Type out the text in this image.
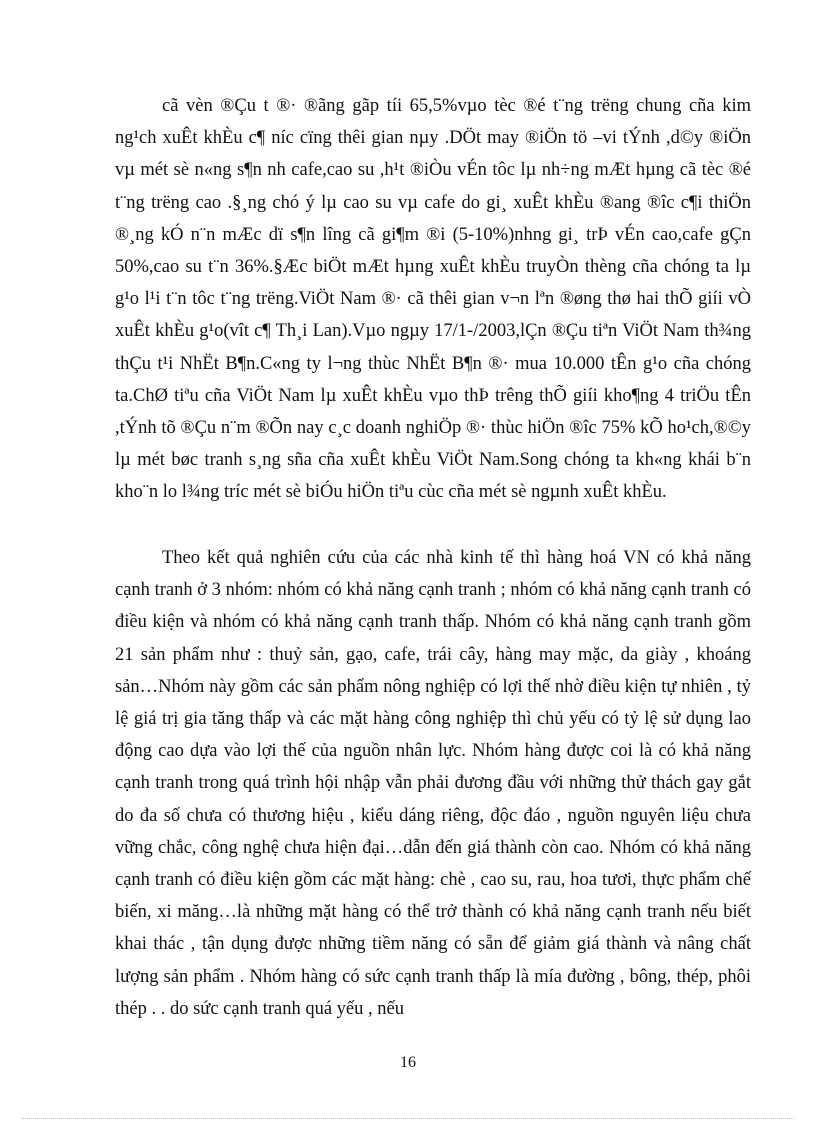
cã vèn ®Çu t ®· ®ãng gãp tíi 65,5%vµo tèc ®é t¨ng trëng chung cña kim ng¹ch xuÊt khÈu c¶ níc cïng thêi gian nµy .DÖt may ®iÖn tö –vi tÝnh ,d©y ®iÖn vµ mét sè n«ng s¶n nh cafe,cao su ,h¹t ®iÒu vÉn tôc lµ nh÷ng mÆt hµng cã tèc ®é t¨ng trëng cao .§¸ng chó ý lµ cao su vµ cafe do gi¸ xuÊt khÈu ®ang ®îc c¶i thiÖn ®¸ng kÓ n¨n mÆc dï s¶n lîng cã gi¶m ®i (5-10%)nhng gi¸ trÞ vÉn cao,cafe gÇn 50%,cao su t¨n 36%.§Æc biÖt mÆt hµng xuÊt khÈu truyÒn thèng cña chóng ta lµ g¹o l¹i t¨n tôc t¨ng trëng.ViÖt Nam ®· cã thêi gian v¬n lªn ®øng thø hai thÕ giíi vÒ xuÊt khÈu g¹o(vît c¶ Th¸i Lan).Vµo ngµy 17/1-/2003,lÇn ®Çu tiªn ViÖt Nam th¾ng thÇu t¹i NhËt B¶n.C«ng ty l¬ng thùc NhËt B¶n ®· mua 10.000 tÊn g¹o cña chóng ta.ChØ tiªu cña ViÖt Nam lµ xuÊt khÈu vµo thÞ trêng thÕ giíi kho¶ng 4 triÖu tÊn ,tÝnh tõ ®Çu n¨m ®Õn nay c¸c doanh nghiÖp ®· thùc hiÖn ®îc 75% kÕ ho¹ch,®©y lµ mét bøc tranh s¸ng sña cña xuÊt khÈu ViÖt Nam.Song chóng ta kh«ng khái b¨n kho¨n lo l¾ng tríc mét sè biÓu hiÖn tiªu cùc cña mét sè ngµnh xuÊt khÈu.

Theo kết quả nghiên cứu của các nhà kinh tế thì hàng hoá VN có khả năng cạnh tranh ở 3 nhóm: nhóm có khả năng cạnh tranh ; nhóm có khả năng cạnh tranh có điều kiện và nhóm có khả năng cạnh tranh thấp. Nhóm có khả năng cạnh tranh gồm 21 sản phẩm như : thuỷ sản, gạo, cafe, trái cây, hàng may mặc, da giày , khoáng sản…Nhóm này gồm các sản phẩm nông nghiệp có lợi thế nhờ điều kiện tự nhiên , tỷ lệ giá trị gia tăng thấp và các mặt hàng công nghiệp thì chủ yếu có tỷ lệ sử dụng lao động cao dựa vào lợi thế của nguồn nhân lực. Nhóm hàng được coi là có khả năng cạnh tranh trong quá trình hội nhập vẫn phải đương đầu với những thử thách gay gắt do đa số chưa có thương hiệu , kiểu dáng riêng, độc đáo , nguồn nguyên liệu chưa vững chắc, công nghệ chưa hiện đại…dẫn đến giá thành còn cao. Nhóm có khả năng cạnh tranh có điều kiện gồm các mặt hàng: chè , cao su, rau, hoa tươi, thực phẩm chế biến, xi măng…là những mặt hàng có thể trở thành có khả năng cạnh tranh nếu biết khai thác , tận dụng được những tiềm năng có sẵn để giảm giá thành và nâng chất lượng sản phẩm . Nhóm hàng có sức cạnh tranh thấp là mía đường , bông, thép, phôi thép . . do sức cạnh tranh quá yếu , nếu

16
